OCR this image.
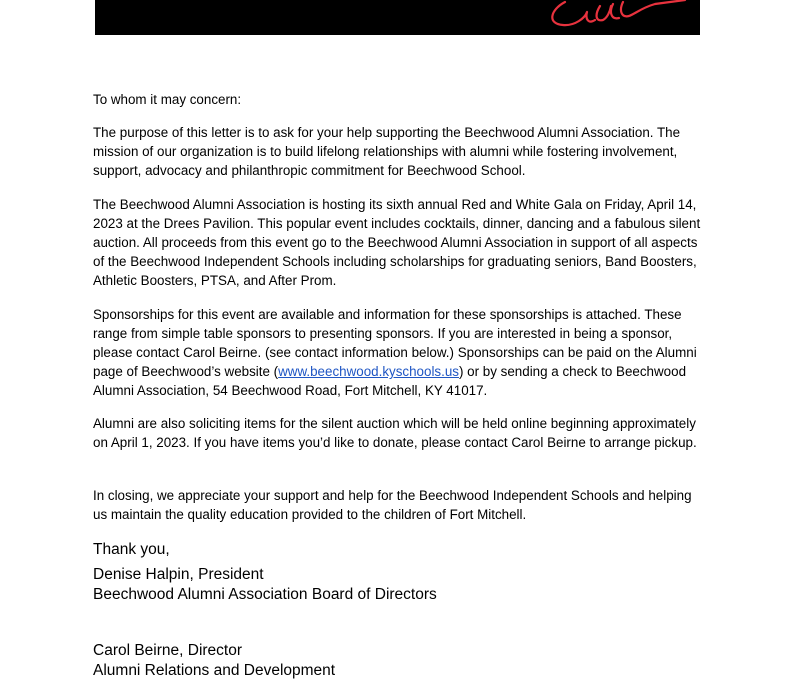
To whom it may concern:

The purpose of this letter is to ask for your help supporting the Beechwood Alumni Association. The mission of our organization is to build lifelong relationships with alumni while fostering involvement, support, advocacy and philanthropic commitment for Beechwood School.

The Beechwood Alumni Association is hosting its sixth annual Red and White Gala on Friday, April 14, 2023 at the Drees Pavilion. This popular event includes cocktails, dinner, dancing and a fabulous silent auction. All proceeds from this event go to the Beechwood Alumni Association in support of all aspects of the Beechwood Independent Schools including scholarships for graduating seniors, Band Boosters, Athletic Boosters, PTSA, and After Prom.

Sponsorships for this event are available and information for these sponsorships is attached. These range from simple table sponsors to presenting sponsors. If you are interested in being a sponsor, please contact Carol Beirne. (see contact information below.) Sponsorships can be paid on the Alumni page of Beechwood’s website (www.beechwood.kyschools.us) or by sending a check to Beechwood Alumni Association, 54 Beechwood Road, Fort Mitchell, KY 41017.

Alumni are also soliciting items for the silent auction which will be held online beginning approximately on April 1, 2023. If you have items you’d like to donate, please contact Carol Beirne to arrange pickup.

In closing, we appreciate your support and help for the Beechwood Independent Schools and helping us maintain the quality education provided to the children of Fort Mitchell.

Thank you,
Denise Halpin, President
Beechwood Alumni Association Board of Directors
Carol Beirne, Director
Alumni Relations and Development
